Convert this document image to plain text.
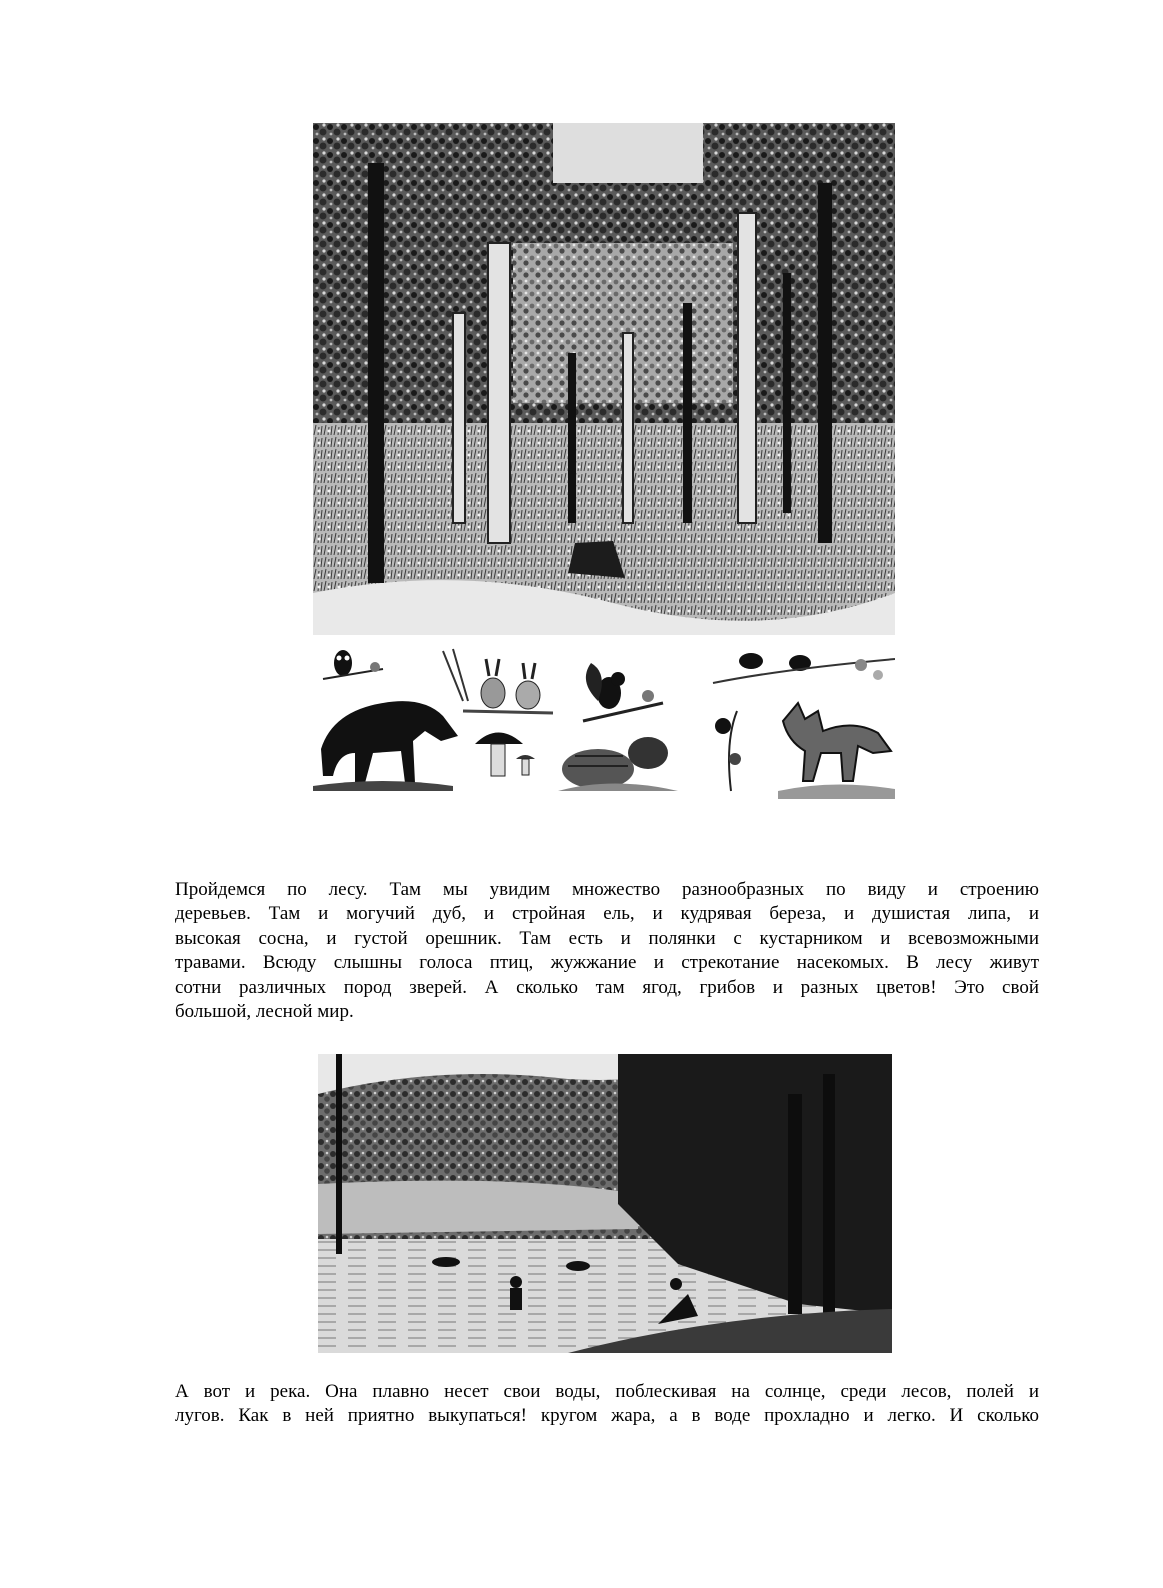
Пройдемся по лесу. Там мы увидим множество разнообразных по виду и строению
деревьев. Там и могучий дуб, и стройная ель, и кудрявая береза, и душистая липа, и
высокая сосна, и густой орешник. Там есть и полянки с кустарником и всевозможными
травами. Всюду слышны голоса птиц, жужжание и стрекотание насекомых. В лесу живут
сотни различных пород зверей. А сколько там ягод, грибов и разных цветов! Это свой
большой, лесной мир.

А вот и река. Она плавно несет свои воды, поблескивая на солнце, среди лесов, полей и
лугов. Как в ней приятно выкупаться! кругом жара, а в воде прохладно и легко. И сколько
